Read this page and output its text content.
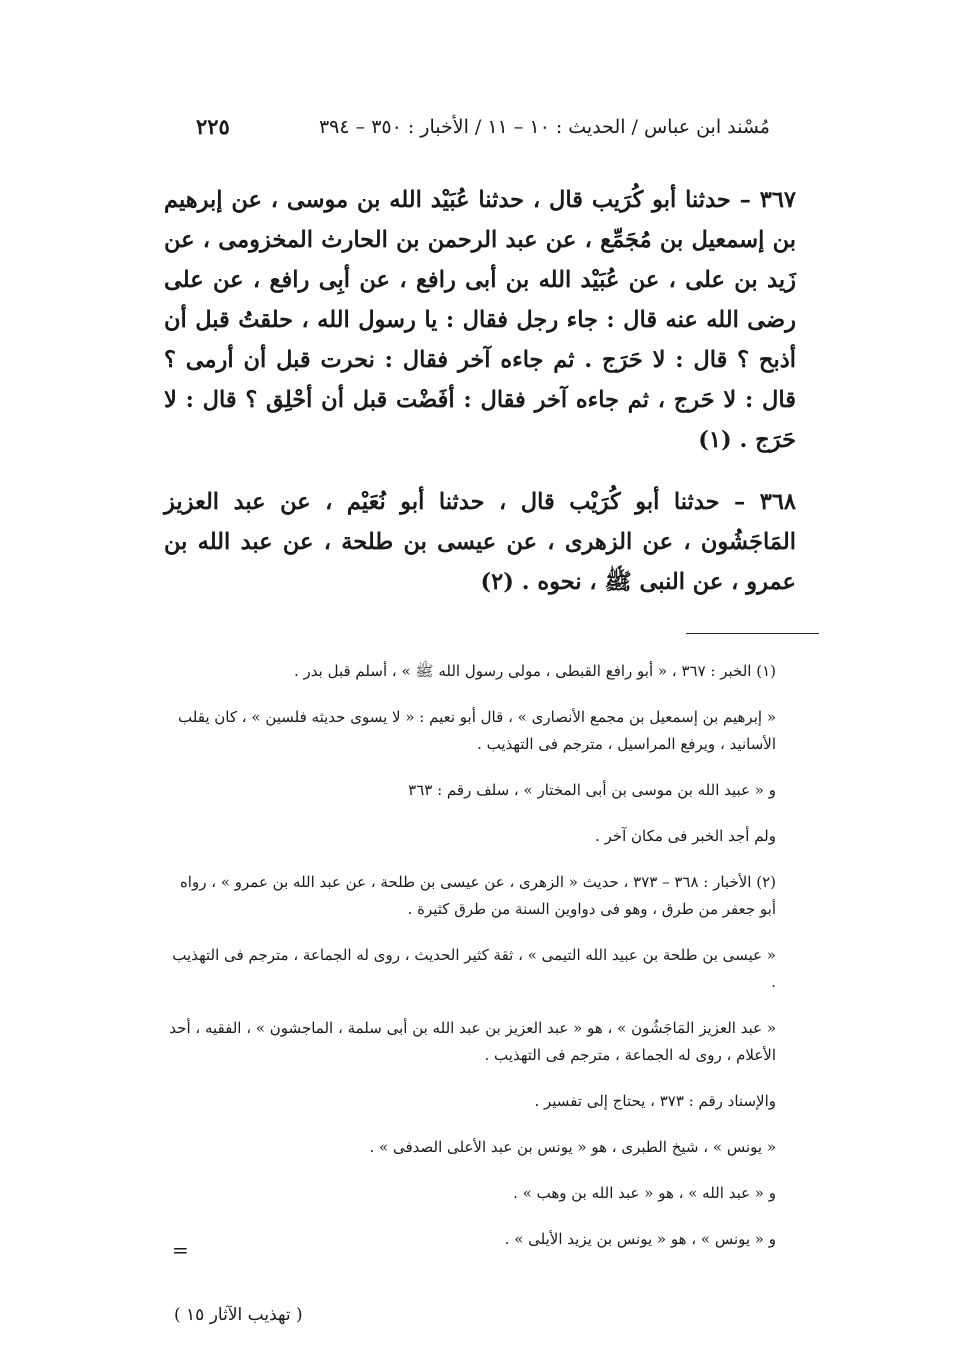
مُسْند ابن عباس / الحديث : ١٠ – ١١ / الأخبار : ٣٥٠ – ٣٩٤
٢٢٥

٣٦٧ – حدثنا أبو كُرَيب قال ، حدثنا عُبَيْد الله بن موسى ، عن إبرهيم بن إسمعيل بن مُجَمِّع ، عن عبد الرحمن بن الحارث المخزومى ، عن زَيد بن على ، عن عُبَيْد الله بن أبى رافع ، عن أبِى رافع ، عن على رضى الله عنه قال : جاء رجل فقال : يا رسول الله ، حلقتُ قبل أن أذبح ؟ قال : لا حَرَج . ثم جاءه آخر فقال : نحرت قبل أن أرمى ؟ قال : لا حَرج ، ثم جاءه آخر فقال : أفَضْت قبل أن أحْلِق ؟ قال : لا حَرَج . (١)

٣٦٨ – حدثنا أبو كُرَيْب قال ، حدثنا أبو نُعَيْم ، عن عبد العزيز المَاجَشُون ، عن الزهرى ، عن عيسى بن طلحة ، عن عبد الله بن عمرو ، عن النبى ﷺ ، نحوه . (٢)

(١) الخبر : ٣٦٧ ، « أبو رافع القبطى ، مولى رسول الله ﷺ » ، أسلم قبل بدر .

« إبرهيم بن إسمعيل بن مجمع الأنصارى » ، قال أبو نعيم : « لا يسوى حديثه فلسين » ، كان يقلب الأسانيد ، ويرفع المراسيل ، مترجم فى التهذيب .

و « عبيد الله بن موسى بن أبى المختار » ، سلف رقم : ٣٦٣

ولم أجد الخبر فى مكان آخر .

(٢) الأخبار : ٣٦٨ – ٣٧٣ ، حديث « الزهرى ، عن عيسى بن طلحة ، عن عبد الله بن عمرو » ، رواه أبو جعفر من طرق ، وهو فى دواوين السنة من طرق كثيرة .

« عيسى بن طلحة بن عبيد الله التيمى » ، ثقة كثير الحديث ، روى له الجماعة ، مترجم فى التهذيب .

« عبد العزيز المَاجَشُون » ، هو « عبد العزيز بن عبد الله بن أبى سلمة ، الماجشون » ، الفقيه ، أحد الأعلام ، روى له الجماعة ، مترجم فى التهذيب .

والإسناد رقم : ٣٧٣ ، يحتاج إلى تفسير .

« يونس » ، شيخ الطبرى ، هو « يونس بن عبد الأعلى الصدفى » .

و « عبد الله » ، هو « عبد الله بن وهب » .

و « يونس » ، هو « يونس بن يزيد الأيلى » .

=
( تهذيب الآثار ١٥ )
